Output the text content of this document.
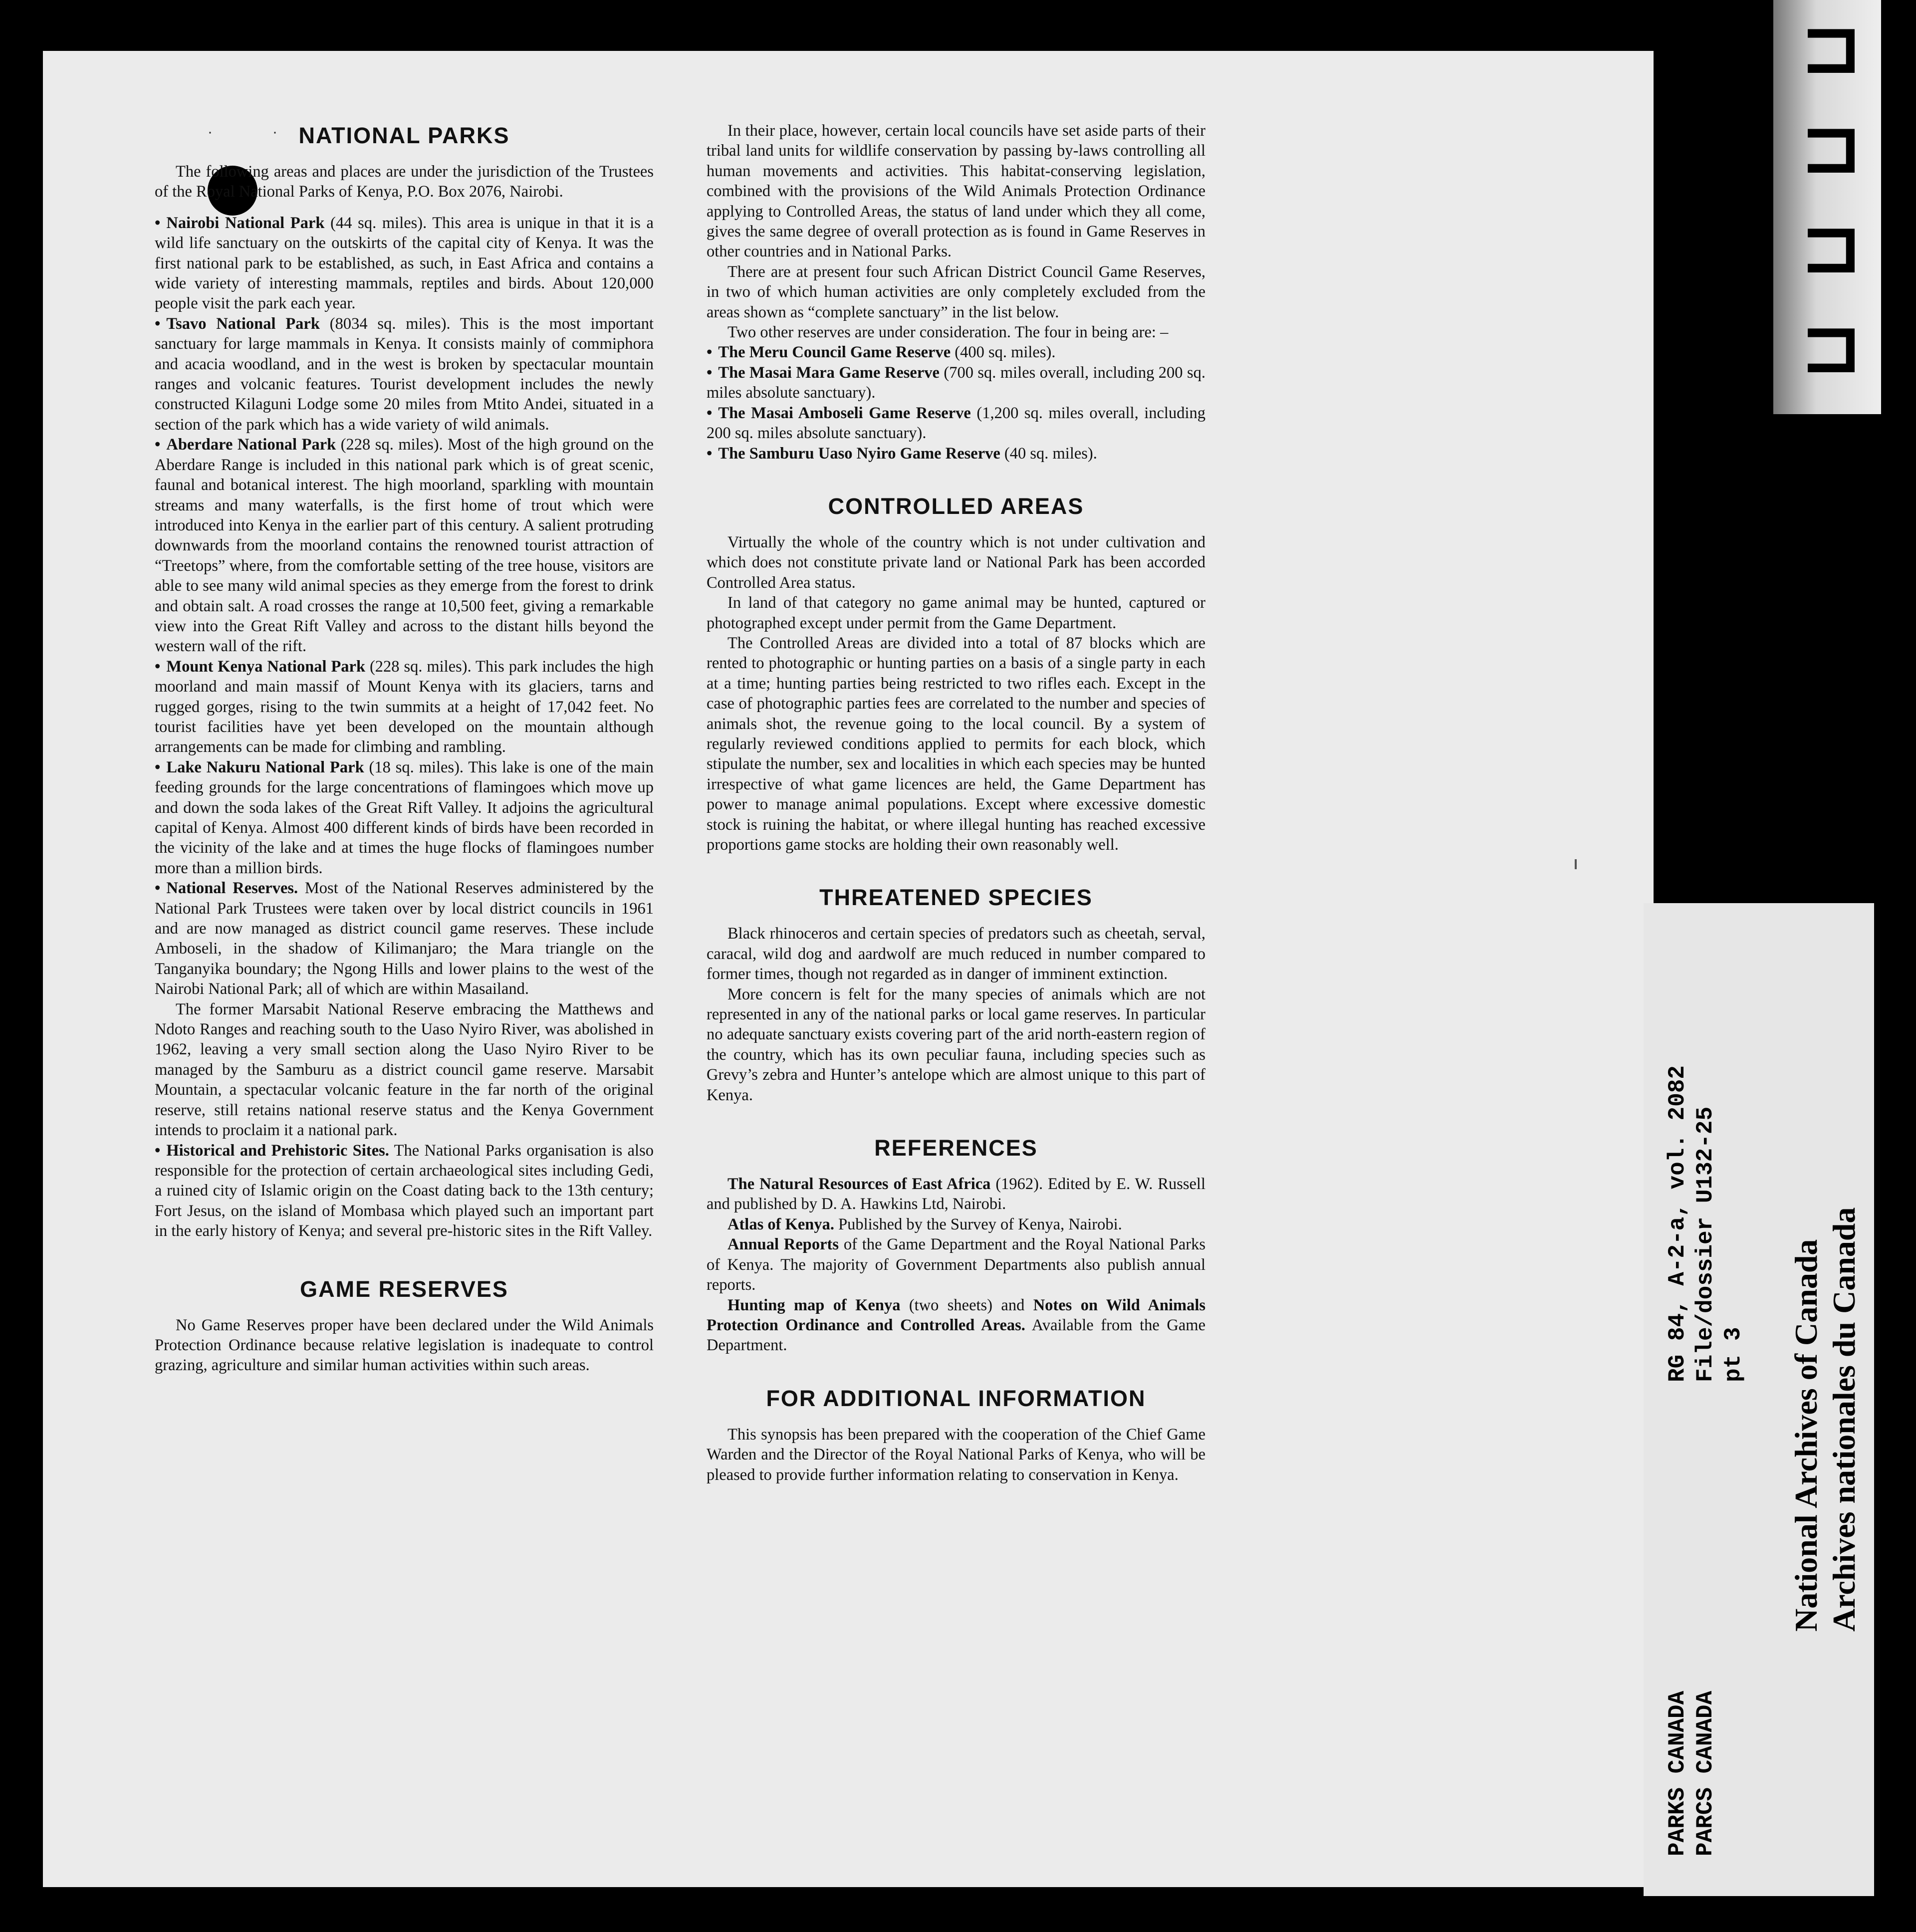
··
NATIONAL PARKS

The following areas and places are under the jurisdiction of the Trustees of the Royal National Parks of Kenya, P.O. Box 2076, Nairobi.

• Nairobi National Park (44 sq. miles). This area is unique in that it is a wild life sanctuary on the outskirts of the capital city of Kenya. It was the first national park to be established, as such, in East Africa and contains a wide variety of interesting mammals, reptiles and birds. About 120,000 people visit the park each year.

• Tsavo National Park (8034 sq. miles). This is the most important sanctuary for large mammals in Kenya. It consists mainly of commiphora and acacia woodland, and in the west is broken by spectacular mountain ranges and volcanic features. Tourist development includes the newly constructed Kilaguni Lodge some 20 miles from Mtito Andei, situated in a section of the park which has a wide variety of wild animals.

• Aberdare National Park (228 sq. miles). Most of the high ground on the Aberdare Range is included in this national park which is of great scenic, faunal and botanical interest. The high moorland, sparkling with mountain streams and many waterfalls, is the first home of trout which were introduced into Kenya in the earlier part of this century. A salient protruding downwards from the moorland contains the renowned tourist attraction of “Treetops” where, from the comfortable setting of the tree house, visitors are able to see many wild animal species as they emerge from the forest to drink and obtain salt. A road crosses the range at 10,500 feet, giving a remarkable view into the Great Rift Valley and across to the distant hills beyond the western wall of the rift.

• Mount Kenya National Park (228 sq. miles). This park includes the high moorland and main massif of Mount Kenya with its glaciers, tarns and rugged gorges, rising to the twin summits at a height of 17,042 feet. No tourist facilities have yet been developed on the mountain although arrangements can be made for climbing and rambling.

• Lake Nakuru National Park (18 sq. miles). This lake is one of the main feeding grounds for the large concentrations of flamingoes which move up and down the soda lakes of the Great Rift Valley. It adjoins the agricultural capital of Kenya. Almost 400 different kinds of birds have been recorded in the vicinity of the lake and at times the huge flocks of flamingoes number more than a million birds.

• National Reserves. Most of the National Reserves administered by the National Park Trustees were taken over by local district councils in 1961 and are now managed as district council game reserves. These include Amboseli, in the shadow of Kilimanjaro; the Mara triangle on the Tanganyika boundary; the Ngong Hills and lower plains to the west of the Nairobi National Park; all of which are within Masailand.

The former Marsabit National Reserve embracing the Matthews and Ndoto Ranges and reaching south to the Uaso Nyiro River, was abolished in 1962, leaving a very small section along the Uaso Nyiro River to be managed by the Samburu as a district council game reserve. Marsabit Mountain, a spectacular volcanic feature in the far north of the original reserve, still retains national reserve status and the Kenya Government intends to proclaim it a national park.

• Historical and Prehistoric Sites. The National Parks organisation is also responsible for the protection of certain archaeological sites including Gedi, a ruined city of Islamic origin on the Coast dating back to the 13th century; Fort Jesus, on the island of Mombasa which played such an important part in the early history of Kenya; and several pre-historic sites in the Rift Valley.

GAME RESERVES

No Game Reserves proper have been declared under the Wild Animals Protection Ordinance because relative legislation is inadequate to control grazing, agriculture and similar human activities within such areas.

In their place, however, certain local councils have set aside parts of their tribal land units for wildlife conservation by passing by-laws controlling all human movements and activities. This habitat-conserving legislation, combined with the provisions of the Wild Animals Protection Ordinance applying to Controlled Areas, the status of land under which they all come, gives the same degree of overall protection as is found in Game Reserves in other countries and in National Parks.

There are at present four such African District Council Game Reserves, in two of which human activities are only completely excluded from the areas shown as “complete sanctuary” in the list below.

Two other reserves are under consideration. The four in being are: –

• The Meru Council Game Reserve (400 sq. miles).

• The Masai Mara Game Reserve (700 sq. miles overall, including 200 sq. miles absolute sanctuary).

• The Masai Amboseli Game Reserve (1,200 sq. miles overall, including 200 sq. miles absolute sanctuary).

• The Samburu Uaso Nyiro Game Reserve (40 sq. miles).

CONTROLLED AREAS

Virtually the whole of the country which is not under cultivation and which does not constitute private land or National Park has been accorded Controlled Area status.

In land of that category no game animal may be hunted, captured or photographed except under permit from the Game Department.

The Controlled Areas are divided into a total of 87 blocks which are rented to photographic or hunting parties on a basis of a single party in each at a time; hunting parties being restricted to two rifles each. Except in the case of photographic parties fees are correlated to the number and species of animals shot, the revenue going to the local council. By a system of regularly reviewed conditions applied to permits for each block, which stipulate the number, sex and localities in which each species may be hunted irrespective of what game licences are held, the Game Department has power to manage animal populations. Except where excessive domestic stock is ruining the habitat, or where illegal hunting has reached excessive proportions game stocks are holding their own reasonably well.

THREATENED SPECIES

Black rhinoceros and certain species of predators such as cheetah, serval, caracal, wild dog and aardwolf are much reduced in number compared to former times, though not regarded as in danger of imminent extinction.

More concern is felt for the many species of animals which are not represented in any of the national parks or local game reserves. In particular no adequate sanctuary exists covering part of the arid north-eastern region of the country, which has its own peculiar fauna, including species such as Grevy’s zebra and Hunter’s antelope which are almost unique to this part of Kenya.

REFERENCES

The Natural Resources of East Africa (1962). Edited by E. W. Russell and published by D. A. Hawkins Ltd, Nairobi.

Atlas of Kenya. Published by the Survey of Kenya, Nairobi.

Annual Reports of the Game Department and the Royal National Parks of Kenya. The majority of Government Departments also publish annual reports.

Hunting map of Kenya (two sheets) and Notes on Wild Animals Protection Ordinance and Controlled Areas. Available from the Game Department.

FOR ADDITIONAL INFORMATION

This synopsis has been prepared with the cooperation of the Chief Game Warden and the Director of the Royal National Parks of Kenya, who will be pleased to provide further information relating to conservation in Kenya.

⊐
⊐
⊐
⊐
PARKS CANADA PARCS CANADA
RG 84, A-2-a, vol. 2082 File/dossier U132-25 pt 3 National Archives of Canada Archives nationales du Canada
